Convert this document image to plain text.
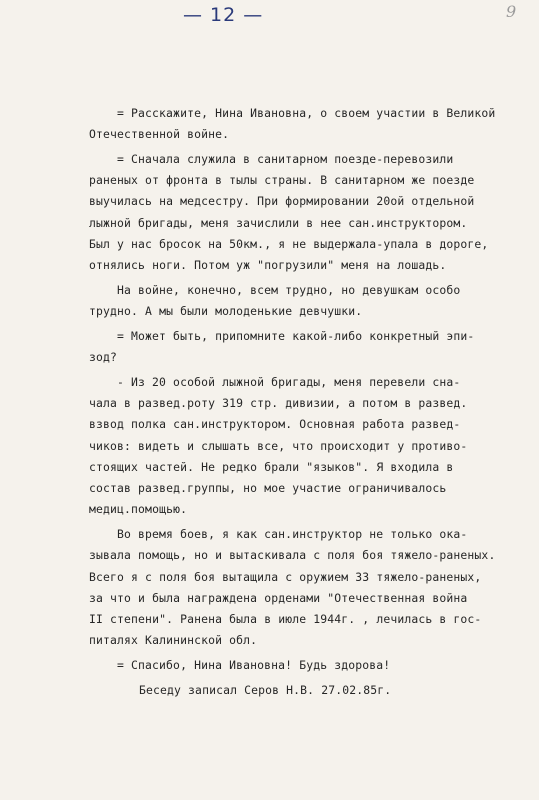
— 12 —	9

= Расскажите, Нина Ивановна, о своем участии в Великой

Отечественной войне.

= Сначала служила в санитарном поезде-перевозили

раненых от фронта в тылы страны. В санитарном же поезде

выучилась на медсестру. При формировании 20ой отдельной

лыжной бригады, меня зачислили в нее сан.инструктором.

Был у нас бросок на 50км., я не выдержала-упала в дороге,

отнялись ноги. Потом уж "погрузили" меня на лошадь.

На войне, конечно, всем трудно, но девушкам особо

трудно. А мы были молоденькие девчушки.

= Может быть, припомните какой-либо конкретный эпи-

зод?

- Из 20 особой лыжной бригады, меня перевели сна-

чала в развед.роту 319 стр. дивизии, а потом в развед.

взвод полка сан.инструктором. Основная работа развед-

чиков: видеть и слышать все, что происходит у противо-

стоящих частей. Не редко брали "языков". Я входила в

состав развед.группы, но мое участие ограничивалось

медиц.помощью.

Во время боев, я как сан.инструктор не только ока-

зывала помощь, но и вытаскивала с поля боя тяжело-раненых.

Всего я с поля боя вытащила с оружием 33 тяжело-раненых,

за что и была награждена орденами "Отечественная война

II степени". Ранена была в июле 1944г. , лечилась в гос-

питалях Калининской обл.

= Спасибо, Нина Ивановна! Будь здорова!

Беседу записал Серов Н.В. 27.02.85г.
